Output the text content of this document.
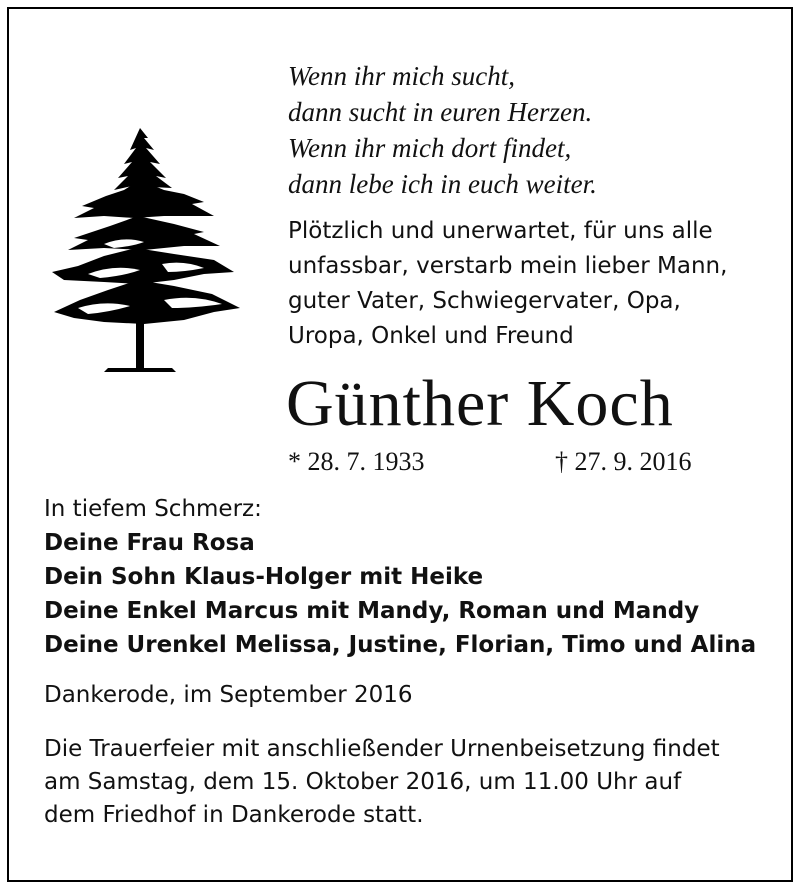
Wenn ihr mich sucht,
dann sucht in euren Herzen.
Wenn ihr mich dort findet,
dann lebe ich in euch weiter.
Plötzlich und unerwartet, für uns alle
unfassbar, verstarb mein lieber Mann,
guter Vater, Schwiegervater, Opa,
Uropa, Onkel und Freund
Günther Koch
* 28. 7. 1933	† 27. 9. 2016
In tiefem Schmerz:
Deine Frau Rosa
Dein Sohn Klaus-Holger mit Heike
Deine Enkel Marcus mit Mandy, Roman und Mandy
Deine Urenkel Melissa, Justine, Florian, Timo und Alina
Dankerode, im September 2016
Die Trauerfeier mit anschließender Urnenbeisetzung findet
am Samstag, dem 15. Oktober 2016, um 11.00 Uhr auf
dem Friedhof in Dankerode statt.
